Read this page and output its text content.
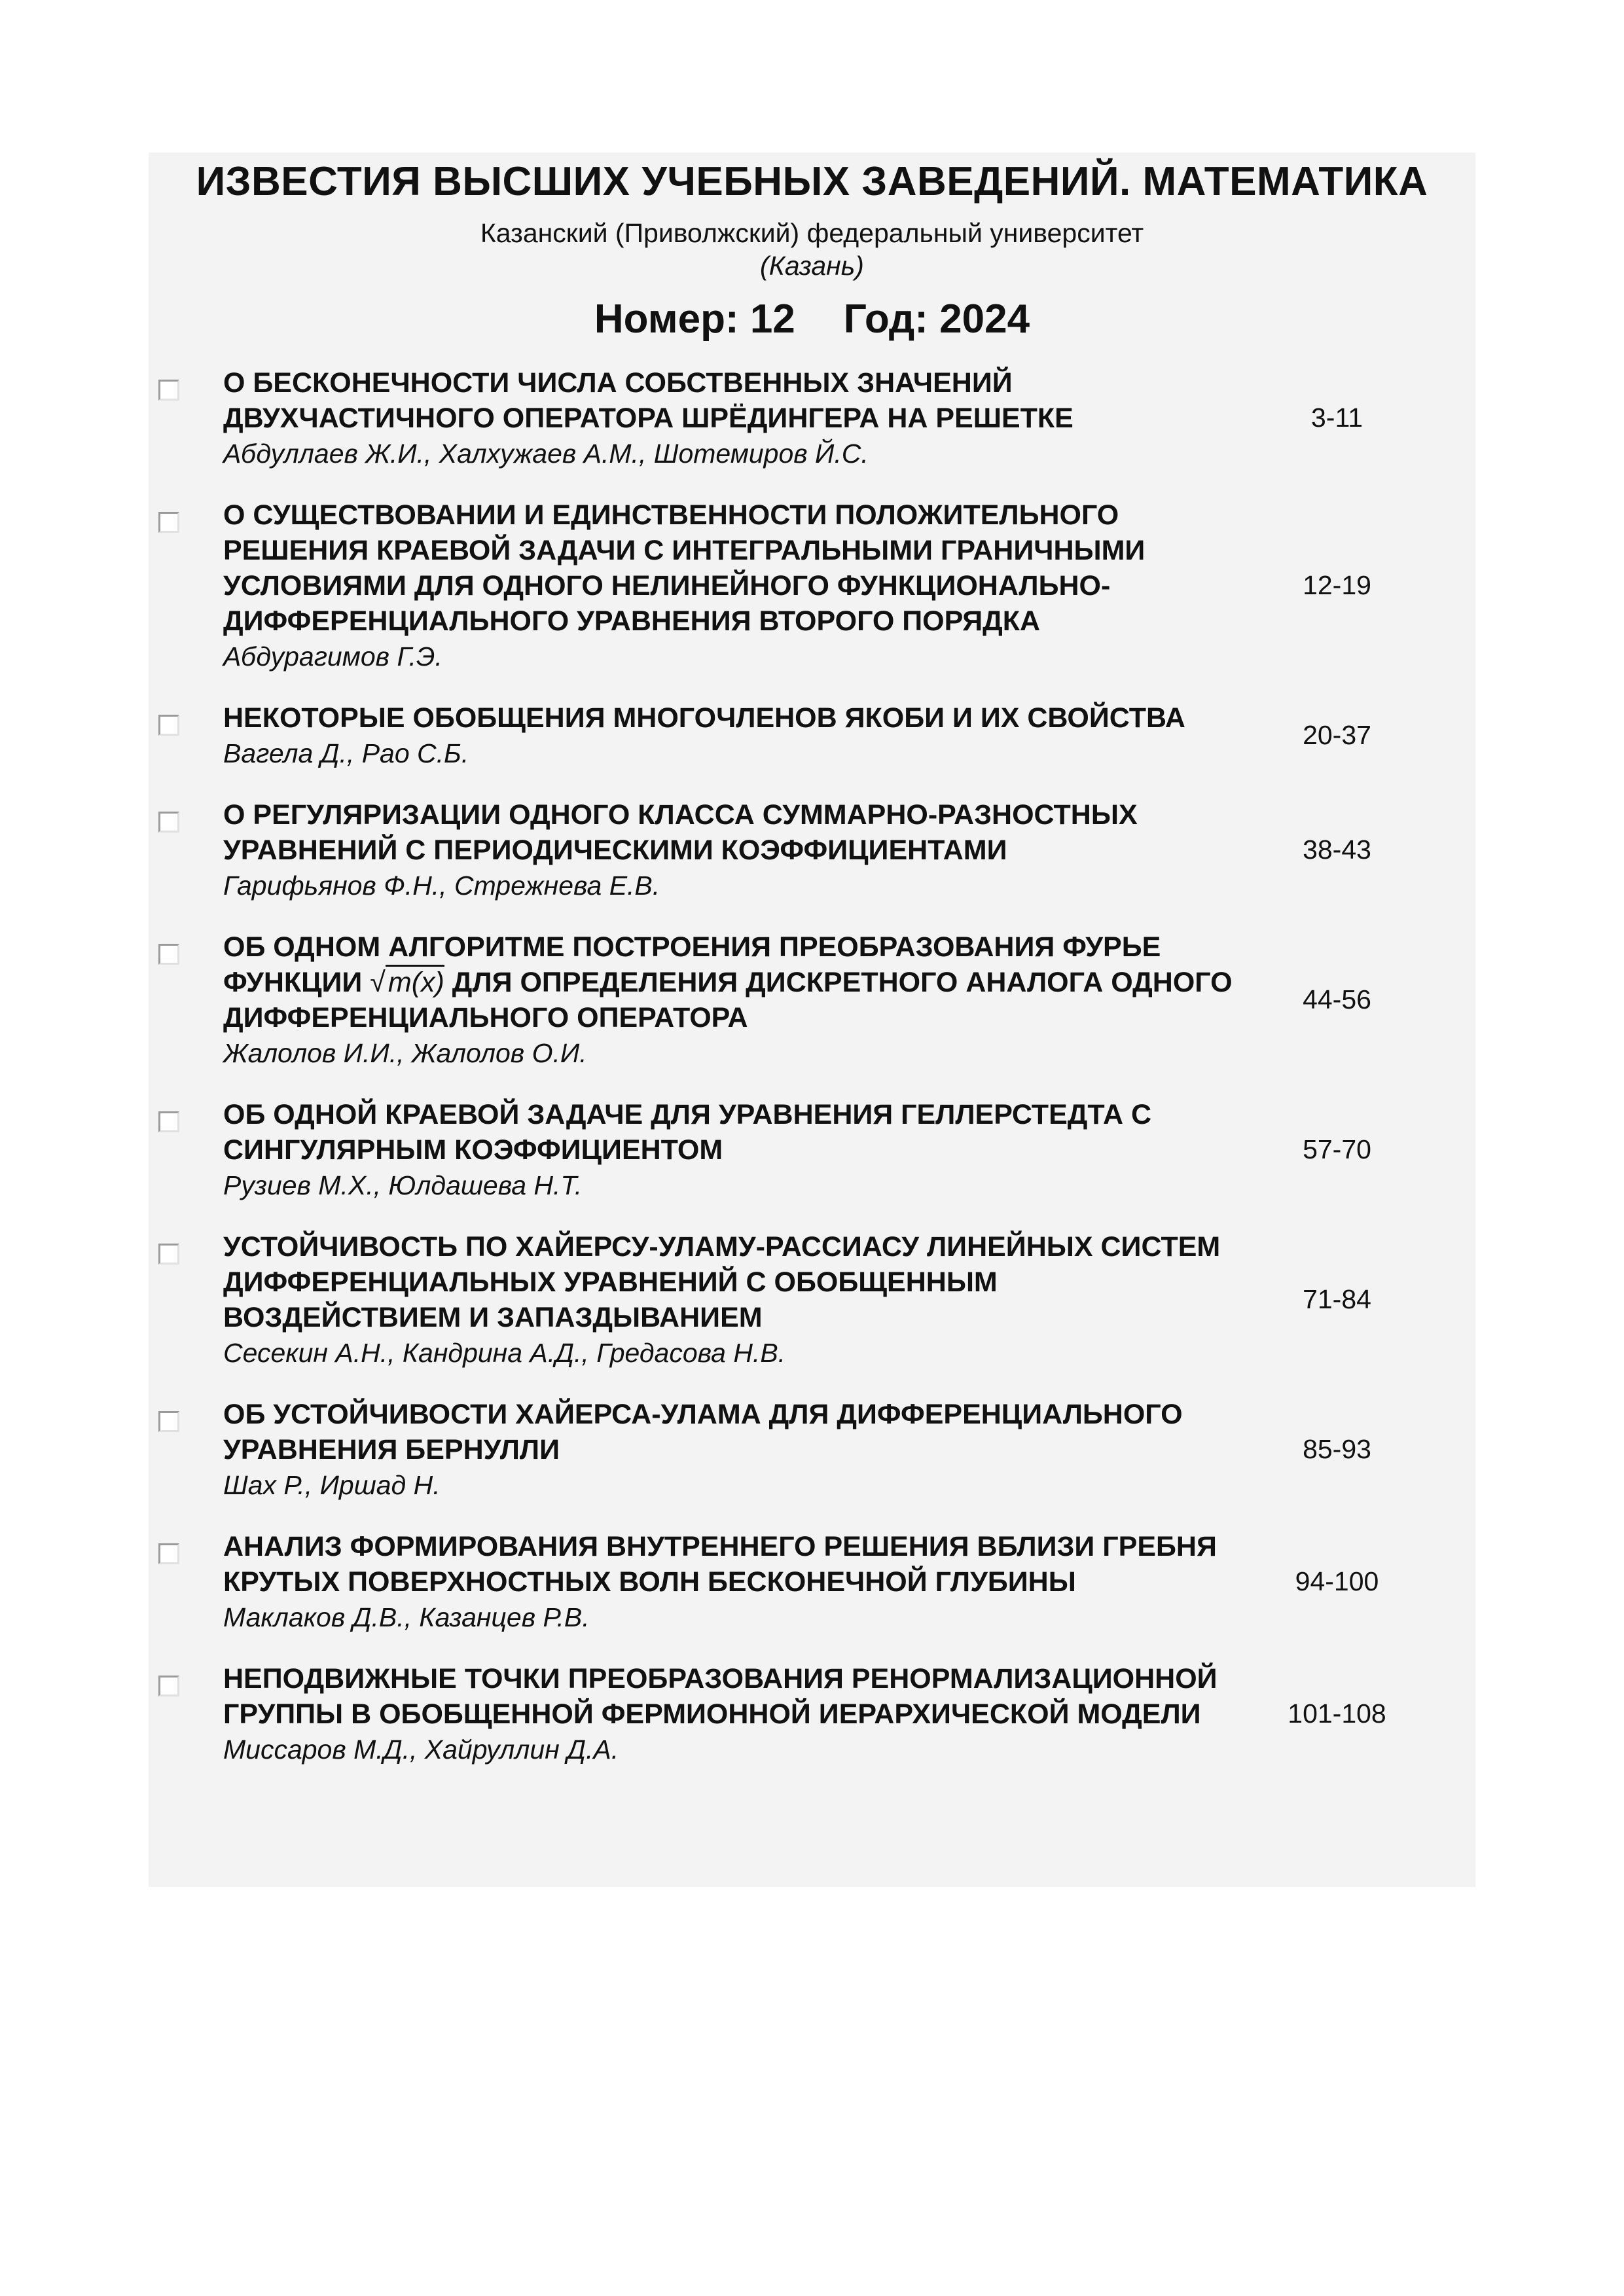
ИЗВЕСТИЯ ВЫСШИХ УЧЕБНЫХ ЗАВЕДЕНИЙ. МАТЕМАТИКА
Казанский (Приволжский) федеральный университет
(Казань)
Номер: 12 Год: 2024
О БЕСКОНЕЧНОСТИ ЧИСЛА СОБСТВЕННЫХ ЗНАЧЕНИЙ ДВУХЧАСТИЧНОГО ОПЕРАТОРА ШРЁДИНГЕРА НА РЕШЕТКЕ
Абдуллаев Ж.И., Халхужаев А.М., Шотемиров Й.С.
3-11
О СУЩЕСТВОВАНИИ И ЕДИНСТВЕННОСТИ ПОЛОЖИТЕЛЬНОГО РЕШЕНИЯ КРАЕВОЙ ЗАДАЧИ С ИНТЕГРАЛЬНЫМИ ГРАНИЧНЫМИ УСЛОВИЯМИ ДЛЯ ОДНОГО НЕЛИНЕЙНОГО ФУНКЦИОНАЛЬНО-ДИФФЕРЕНЦИАЛЬНОГО УРАВНЕНИЯ ВТОРОГО ПОРЯДКА
Абдурагимов Г.Э.
12-19
НЕКОТОРЫЕ ОБОБЩЕНИЯ МНОГОЧЛЕНОВ ЯКОБИ И ИХ СВОЙСТВА
Вагела Д., Рао С.Б.
20-37
О РЕГУЛЯРИЗАЦИИ ОДНОГО КЛАССА СУММАРНО-РАЗНОСТНЫХ УРАВНЕНИЙ С ПЕРИОДИЧЕСКИМИ КОЭФФИЦИЕНТАМИ
Гарифьянов Ф.Н., Стрежнева Е.В.
38-43
ОБ ОДНОМ АЛГОРИТМЕ ПОСТРОЕНИЯ ПРЕОБРАЗОВАНИЯ ФУРЬЕ ФУНКЦИИ √m(x) ДЛЯ ОПРЕДЕЛЕНИЯ ДИСКРЕТНОГО АНАЛОГА ОДНОГО ДИФФЕРЕНЦИАЛЬНОГО ОПЕРАТОРА
Жалолов И.И., Жалолов О.И.
44-56
ОБ ОДНОЙ КРАЕВОЙ ЗАДАЧЕ ДЛЯ УРАВНЕНИЯ ГЕЛЛЕРСТЕДТА С СИНГУЛЯРНЫМ КОЭФФИЦИЕНТОМ
Рузиев М.Х., Юлдашева Н.Т.
57-70
УСТОЙЧИВОСТЬ ПО ХАЙЕРСУ-УЛАМУ-РАССИАСУ ЛИНЕЙНЫХ СИСТЕМ ДИФФЕРЕНЦИАЛЬНЫХ УРАВНЕНИЙ С ОБОБЩЕННЫМ ВОЗДЕЙСТВИЕМ И ЗАПАЗДЫВАНИЕМ
Сесекин А.Н., Кандрина А.Д., Гредасова Н.В.
71-84
ОБ УСТОЙЧИВОСТИ ХАЙЕРСА-УЛАМА ДЛЯ ДИФФЕРЕНЦИАЛЬНОГО УРАВНЕНИЯ БЕРНУЛЛИ
Шах Р., Иршад Н.
85-93
АНАЛИЗ ФОРМИРОВАНИЯ ВНУТРЕННЕГО РЕШЕНИЯ ВБЛИЗИ ГРЕБНЯ КРУТЫХ ПОВЕРХНОСТНЫХ ВОЛН БЕСКОНЕЧНОЙ ГЛУБИНЫ
Маклаков Д.В., Казанцев Р.В.
94-100
НЕПОДВИЖНЫЕ ТОЧКИ ПРЕОБРАЗОВАНИЯ РЕНОРМАЛИЗАЦИОННОЙ ГРУППЫ В ОБОБЩЕННОЙ ФЕРМИОННОЙ ИЕРАРХИЧЕСКОЙ МОДЕЛИ
Миссаров М.Д., Хайруллин Д.А.
101-108
